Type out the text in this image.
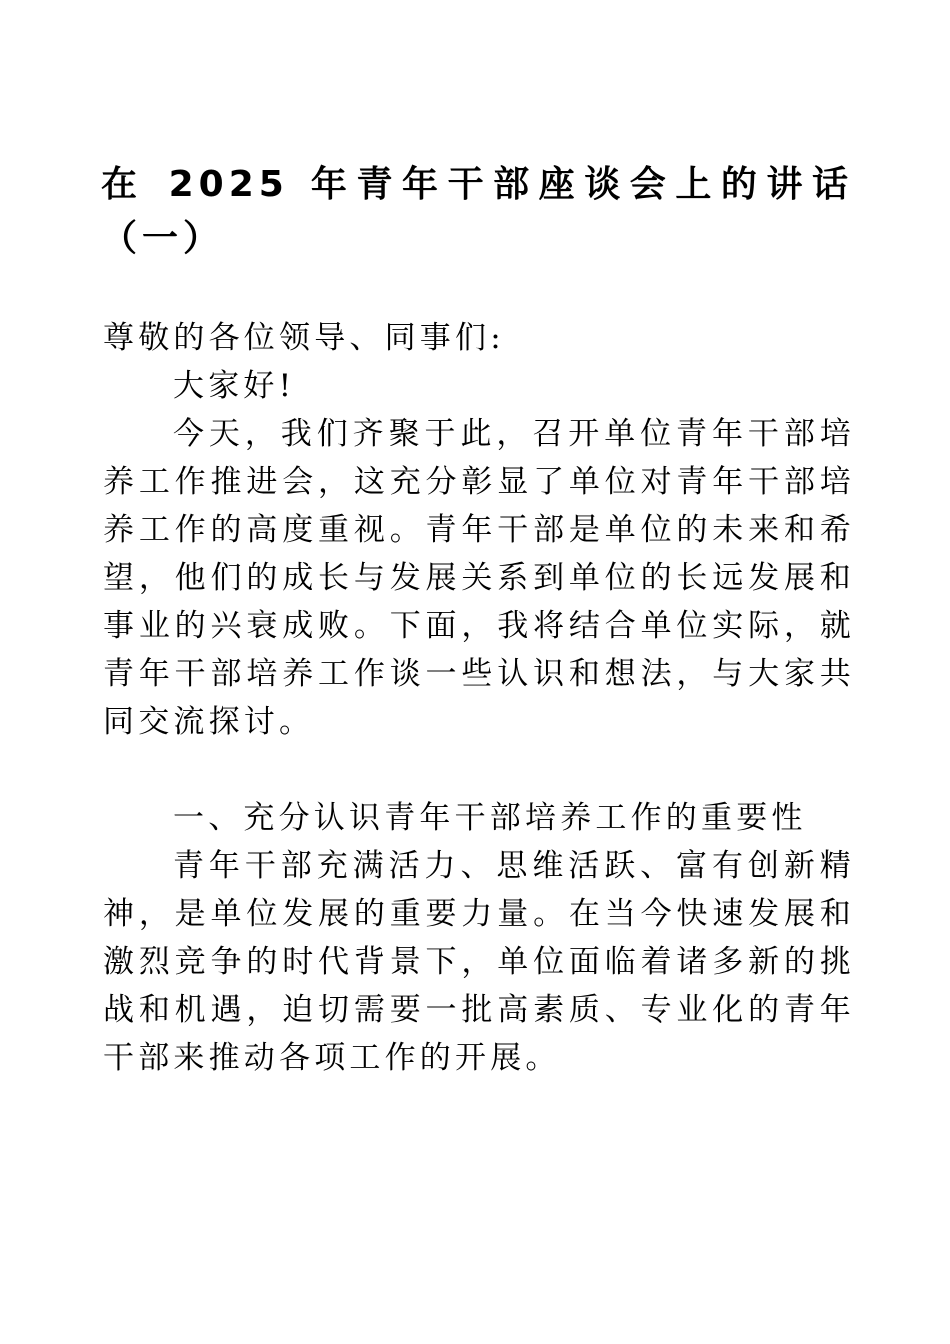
在 2025 年青年干部座谈会上的讲话（一）

尊敬的各位领导、同事们:

大家好!

今天，我们齐聚于此，召开单位青年干部培养工作推进会，这充分彰显了单位对青年干部培养工作的高度重视。青年干部是单位的未来和希望，他们的成长与发展关系到单位的长远发展和事业的兴衰成败。下面，我将结合单位实际，就青年干部培养工作谈一些认识和想法，与大家共同交流探讨。

一、充分认识青年干部培养工作的重要性

青年干部充满活力、思维活跃、富有创新精神，是单位发展的重要力量。在当今快速发展和激烈竞争的时代背景下，单位面临着诸多新的挑战和机遇，迫切需要一批高素质、专业化的青年干部来推动各项工作的开展。
